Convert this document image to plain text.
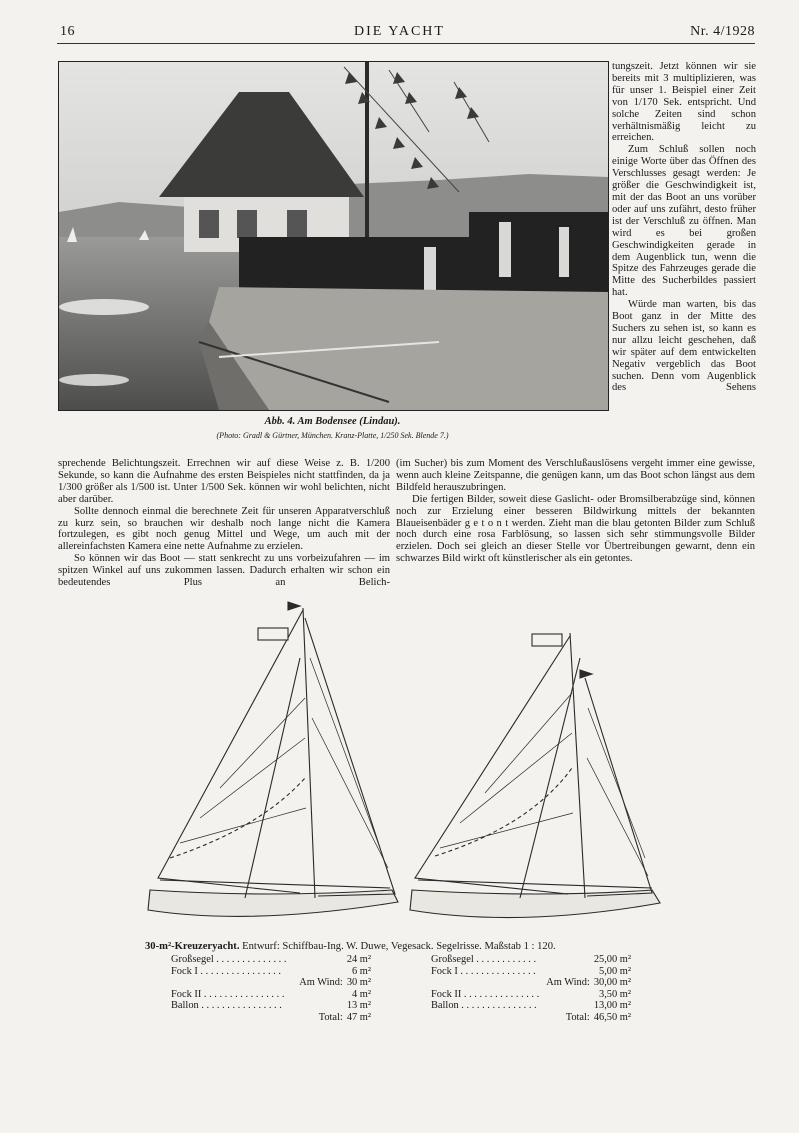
16	DIE YACHT	Nr. 4/1928
Abb. 4. Am Bodensee (Lindau).
(Photo: Gradl & Gürtner, München. Kranz-Platte, 1/250 Sek. Blende 7.)

tungszeit. Jetzt können wir sie bereits mit 3 multiplizieren, was für unser 1. Beispiel einer Zeit von 1/170 Sek. entspricht. Und solche Zeiten sind schon verhältnismäßig leicht zu erreichen.

Zum Schluß sollen noch einige Worte über das Öffnen des Verschlusses gesagt werden: Je größer die Geschwindigkeit ist, mit der das Boot an uns vorüber oder auf uns zufährt, desto früher ist der Verschluß zu öffnen. Man wird es bei großen Geschwindigkeiten gerade in dem Augenblick tun, wenn die Spitze des Fahrzeuges gerade die Mitte des Sucherbildes passiert hat.

Würde man warten, bis das Boot ganz in der Mitte des Suchers zu sehen ist, so kann es nur allzu leicht geschehen, daß wir später auf dem entwickelten Negativ vergeblich das Boot suchen. Denn vom Augenblick des Sehens

sprechende Belichtungszeit. Errechnen wir auf diese Weise z. B. 1/200 Sekunde, so kann die Aufnahme des ersten Beispieles nicht stattfinden, da ja 1/300 größer als 1/500 ist. Unter 1/500 Sek. können wir wohl belichten, nicht aber darüber.

Sollte dennoch einmal die berechnete Zeit für unseren Apparatverschluß zu kurz sein, so brauchen wir deshalb noch lange nicht die Kamera fortzulegen, es gibt noch genug Mittel und Wege, um auch mit der allereinfachsten Kamera eine nette Aufnahme zu erzielen.

So können wir das Boot — statt senkrecht zu uns vorbeizufahren — im spitzen Winkel auf uns zukommen lassen. Dadurch erhalten wir schon ein bedeutendes Plus an Belich-

(im Sucher) bis zum Moment des Verschlußauslösens vergeht immer eine gewisse, wenn auch kleine Zeitspanne, die genügen kann, um das Boot schon längst aus dem Bildfeld herauszubringen.

Die fertigen Bilder, soweit diese Gaslicht- oder Bromsilberabzüge sind, können noch zur Erzielung einer besseren Bildwirkung mittels der bekannten Blaueisenbäder g e t o n t werden. Zieht man die blau getonten Bilder zum Schluß noch durch eine rosa Farblösung, so lassen sich sehr stimmungsvolle Bilder erzielen. Doch sei gleich an dieser Stelle vor Übertreibungen gewarnt, denn ein schwarzes Bild wirkt oft künstlerischer als ein getontes.

30-m²-Kreuzeryacht. Entwurf: Schiffbau-Ing. W. Duwe, Vegesack. Segelrisse. Maßstab 1 : 120.
Großsegel . . . . . . . . . . . . . .	24 m²
Fock I . . . . . . . . . . . . . . . .	6 m²
Am Wind: 30 m²
Fock II . . . . . . . . . . . . . . . .	4 m²
Ballon . . . . . . . . . . . . . . . .	13 m²
Total: 47 m²
Großsegel . . . . . . . . . . . .	25,00 m²
Fock I . . . . . . . . . . . . . . .	5,00 m²
Am Wind: 30,00 m²
Fock II . . . . . . . . . . . . . . .	3,50 m²
Ballon . . . . . . . . . . . . . . .	13,00 m²
Total: 46,50 m²
